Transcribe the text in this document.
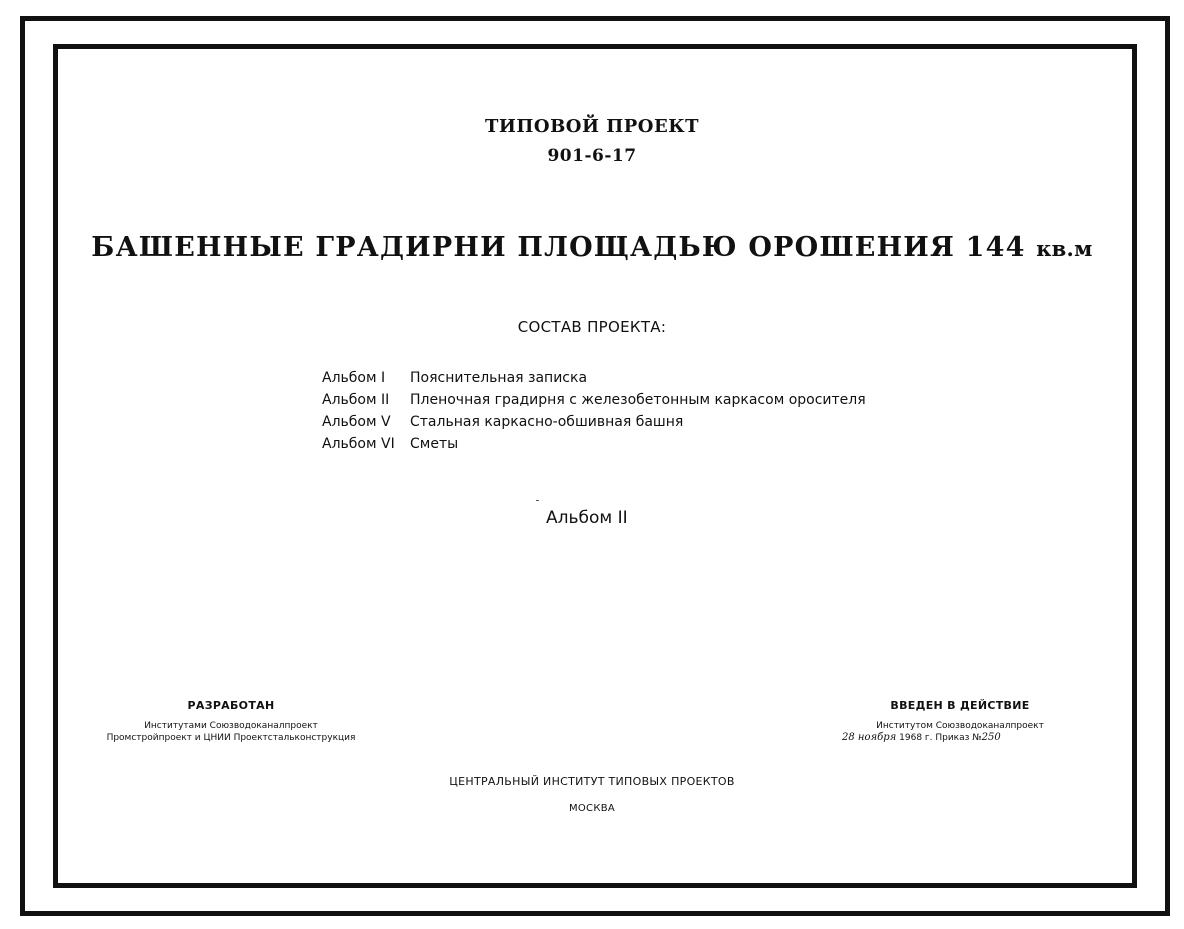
ТИПОВОЙ ПРОЕКТ
901-6-17
БАШЕННЫЕ ГРАДИРНИ ПЛОЩАДЬЮ ОРОШЕНИЯ 144 кв.м
СОСТАВ ПРОЕКТА:
Альбом I	Пояснительная записка
Альбом II	Пленочная градирня с железобетонным каркасом оросителя
Альбом V	Стальная каркасно-обшивная башня
Альбом VI	Сметы
Альбом II
РАЗРАБОТАН
Институтами Союзводоканалпроект
Промстройпроект и ЦНИИ Проектстальконструкция
ВВЕДЕН В ДЕЙСТВИЕ
Институтом Союзводоканалпроект
28 ноября 1968 г. Приказ №250
ЦЕНТРАЛЬНЫЙ ИНСТИТУТ ТИПОВЫХ ПРОЕКТОВ
МОСКВА
